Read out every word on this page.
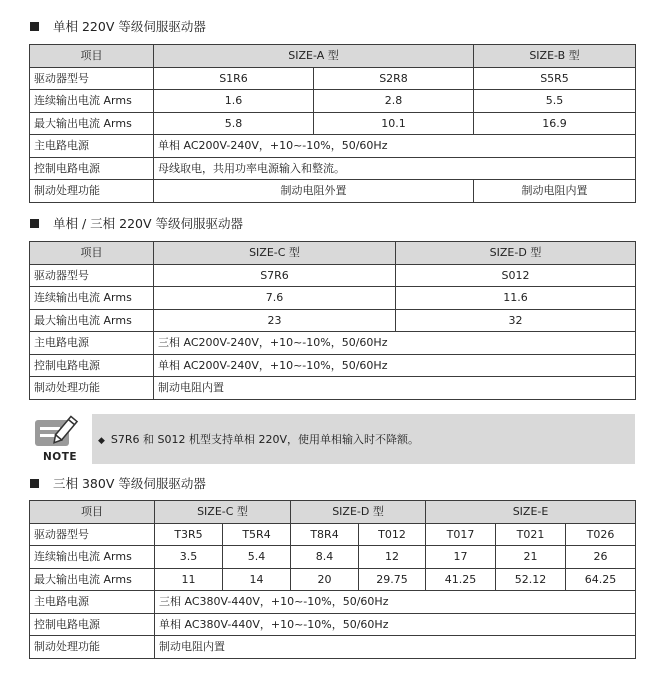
单相 220V 等级伺服驱动器
项目	SIZE-A 型		SIZE-B 型
驱动器型号	S1R6	S2R8	S5R5
连续输出电流 Arms	1.6	2.8	5.5
最大输出电流 Arms	5.8	10.1	16.9
主电路电源	单相 AC200V-240V，+10~-10%，50/60Hz		
控制电路电源	母线取电，共用功率电源输入和整流。		
制动处理功能	制动电阻外置		制动电阻内置
单相 / 三相 220V 等级伺服驱动器
项目	SIZE-C 型	SIZE-D 型
驱动器型号	S7R6	S012
连续输出电流 Arms	7.6	11.6
最大输出电流 Arms	23	32
主电路电源	三相 AC200V-240V，+10~-10%，50/60Hz	
控制电路电源	单相 AC200V-240V，+10~-10%，50/60Hz	
制动处理功能	制动电阻内置	
NOTE
◆ S7R6 和 S012 机型支持单相 220V，使用单相输入时不降额。
三相 380V 等级伺服驱动器
项目	SIZE-C 型		SIZE-D 型		SIZE-E		
驱动器型号	T3R5	T5R4	T8R4	T012	T017	T021	T026
连续输出电流 Arms	3.5	5.4	8.4	12	17	21	26
最大输出电流 Arms	11	14	20	29.75	41.25	52.12	64.25
主电路电源	三相 AC380V-440V，+10~-10%，50/60Hz						
控制电路电源	单相 AC380V-440V，+10~-10%，50/60Hz						
制动处理功能	制动电阻内置						
